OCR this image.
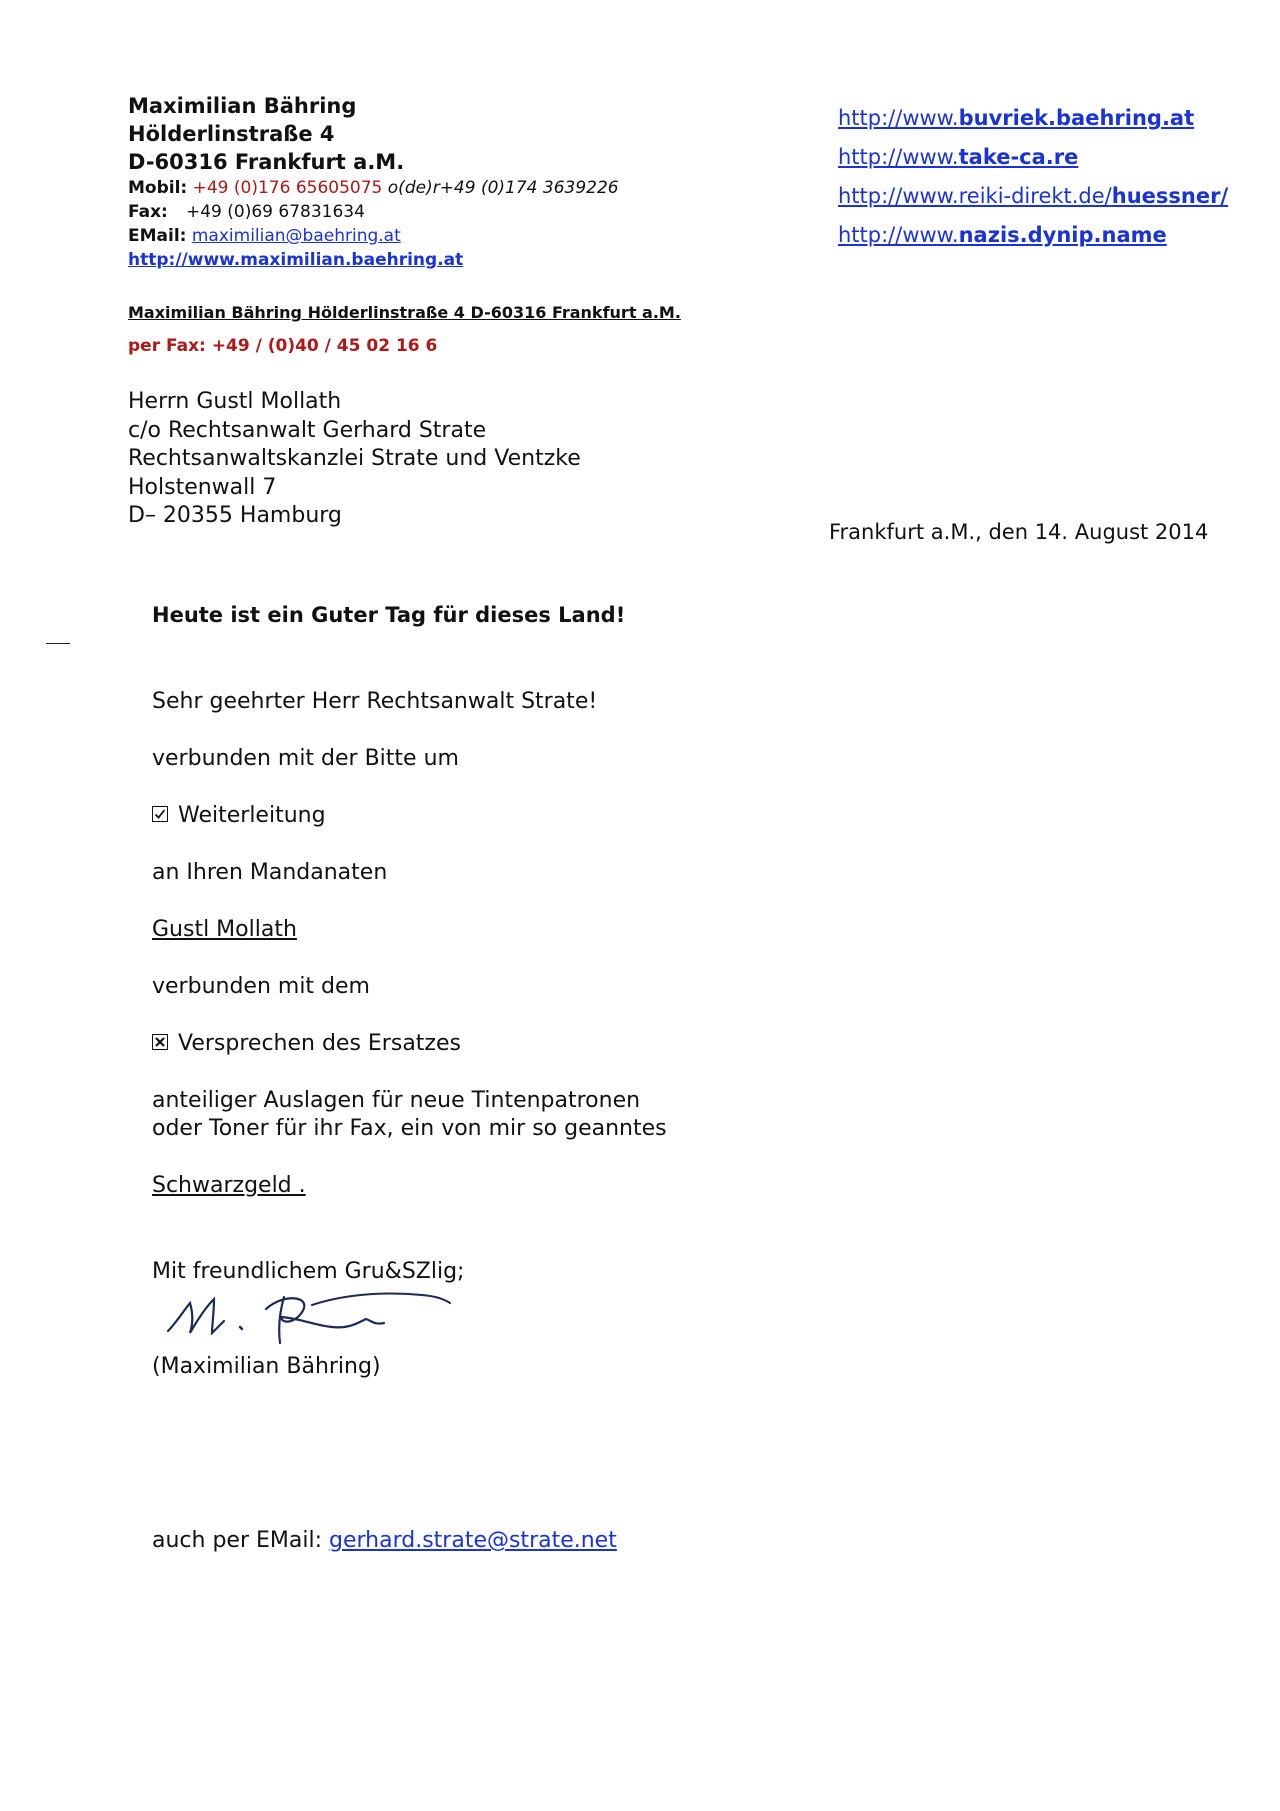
Maximilian Bähring
Hölderlinstraße 4
D-60316 Frankfurt a.M.
Mobil: +49 (0)176 65605075 o(de)r+49 (0)174 3639226
Fax: +49 (0)69 67831634
EMail: maximilian@baehring.at
http://www.maximilian.baehring.at
http://www.buvriek.baehring.at
http://www.take-ca.re
http://www.reiki-direkt.de/huessner/
http://www.nazis.dynip.name
Maximilian Bähring Hölderlinstraße 4 D-60316 Frankfurt a.M.
per Fax: +49 / (0)40 / 45 02 16 6
Herrn Gustl Mollath
c/o Rechtsanwalt Gerhard Strate
Rechtsanwaltskanzlei Strate und Ventzke
Holstenwall 7
D– 20355 Hamburg
Frankfurt a.M., den 14. August 2014
Heute ist ein Guter Tag für dieses Land!
Sehr geehrter Herr Rechtsanwalt Strate!
verbunden mit der Bitte um
Weiterleitung
an Ihren Mandanaten
Gustl Mollath
verbunden mit dem
Versprechen des Ersatzes
anteiliger Auslagen für neue Tintenpatronen
oder Toner für ihr Fax, ein von mir so geanntes
Schwarzgeld .
Mit freundlichem Gru&SZlig;
(Maximilian Bähring)
auch per EMail: gerhard.strate@strate.net
